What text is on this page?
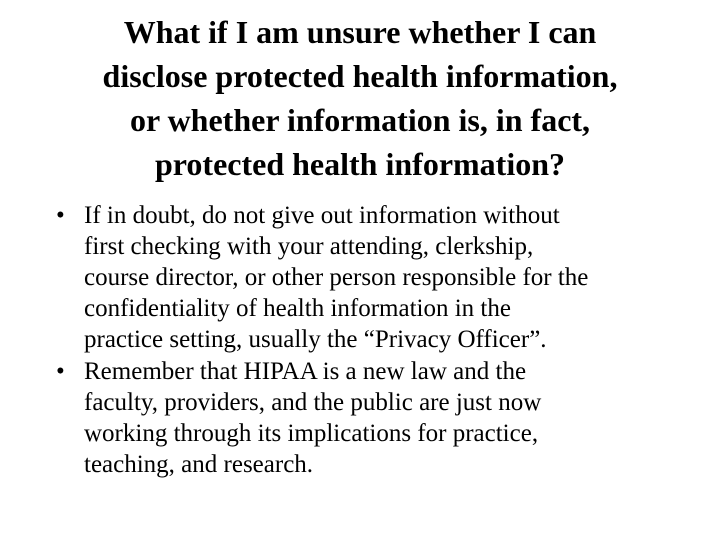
What if I am unsure whether I can
disclose protected health information,
or whether information is, in fact,
protected health information?
• If in doubt, do not give out information without
first checking with your attending, clerkship,
course director, or other person responsible for the
confidentiality of health information in the
practice setting, usually the “Privacy Officer”.
• Remember that HIPAA is a new law and the
faculty, providers, and the public are just now
working through its implications for practice,
teaching, and research.
